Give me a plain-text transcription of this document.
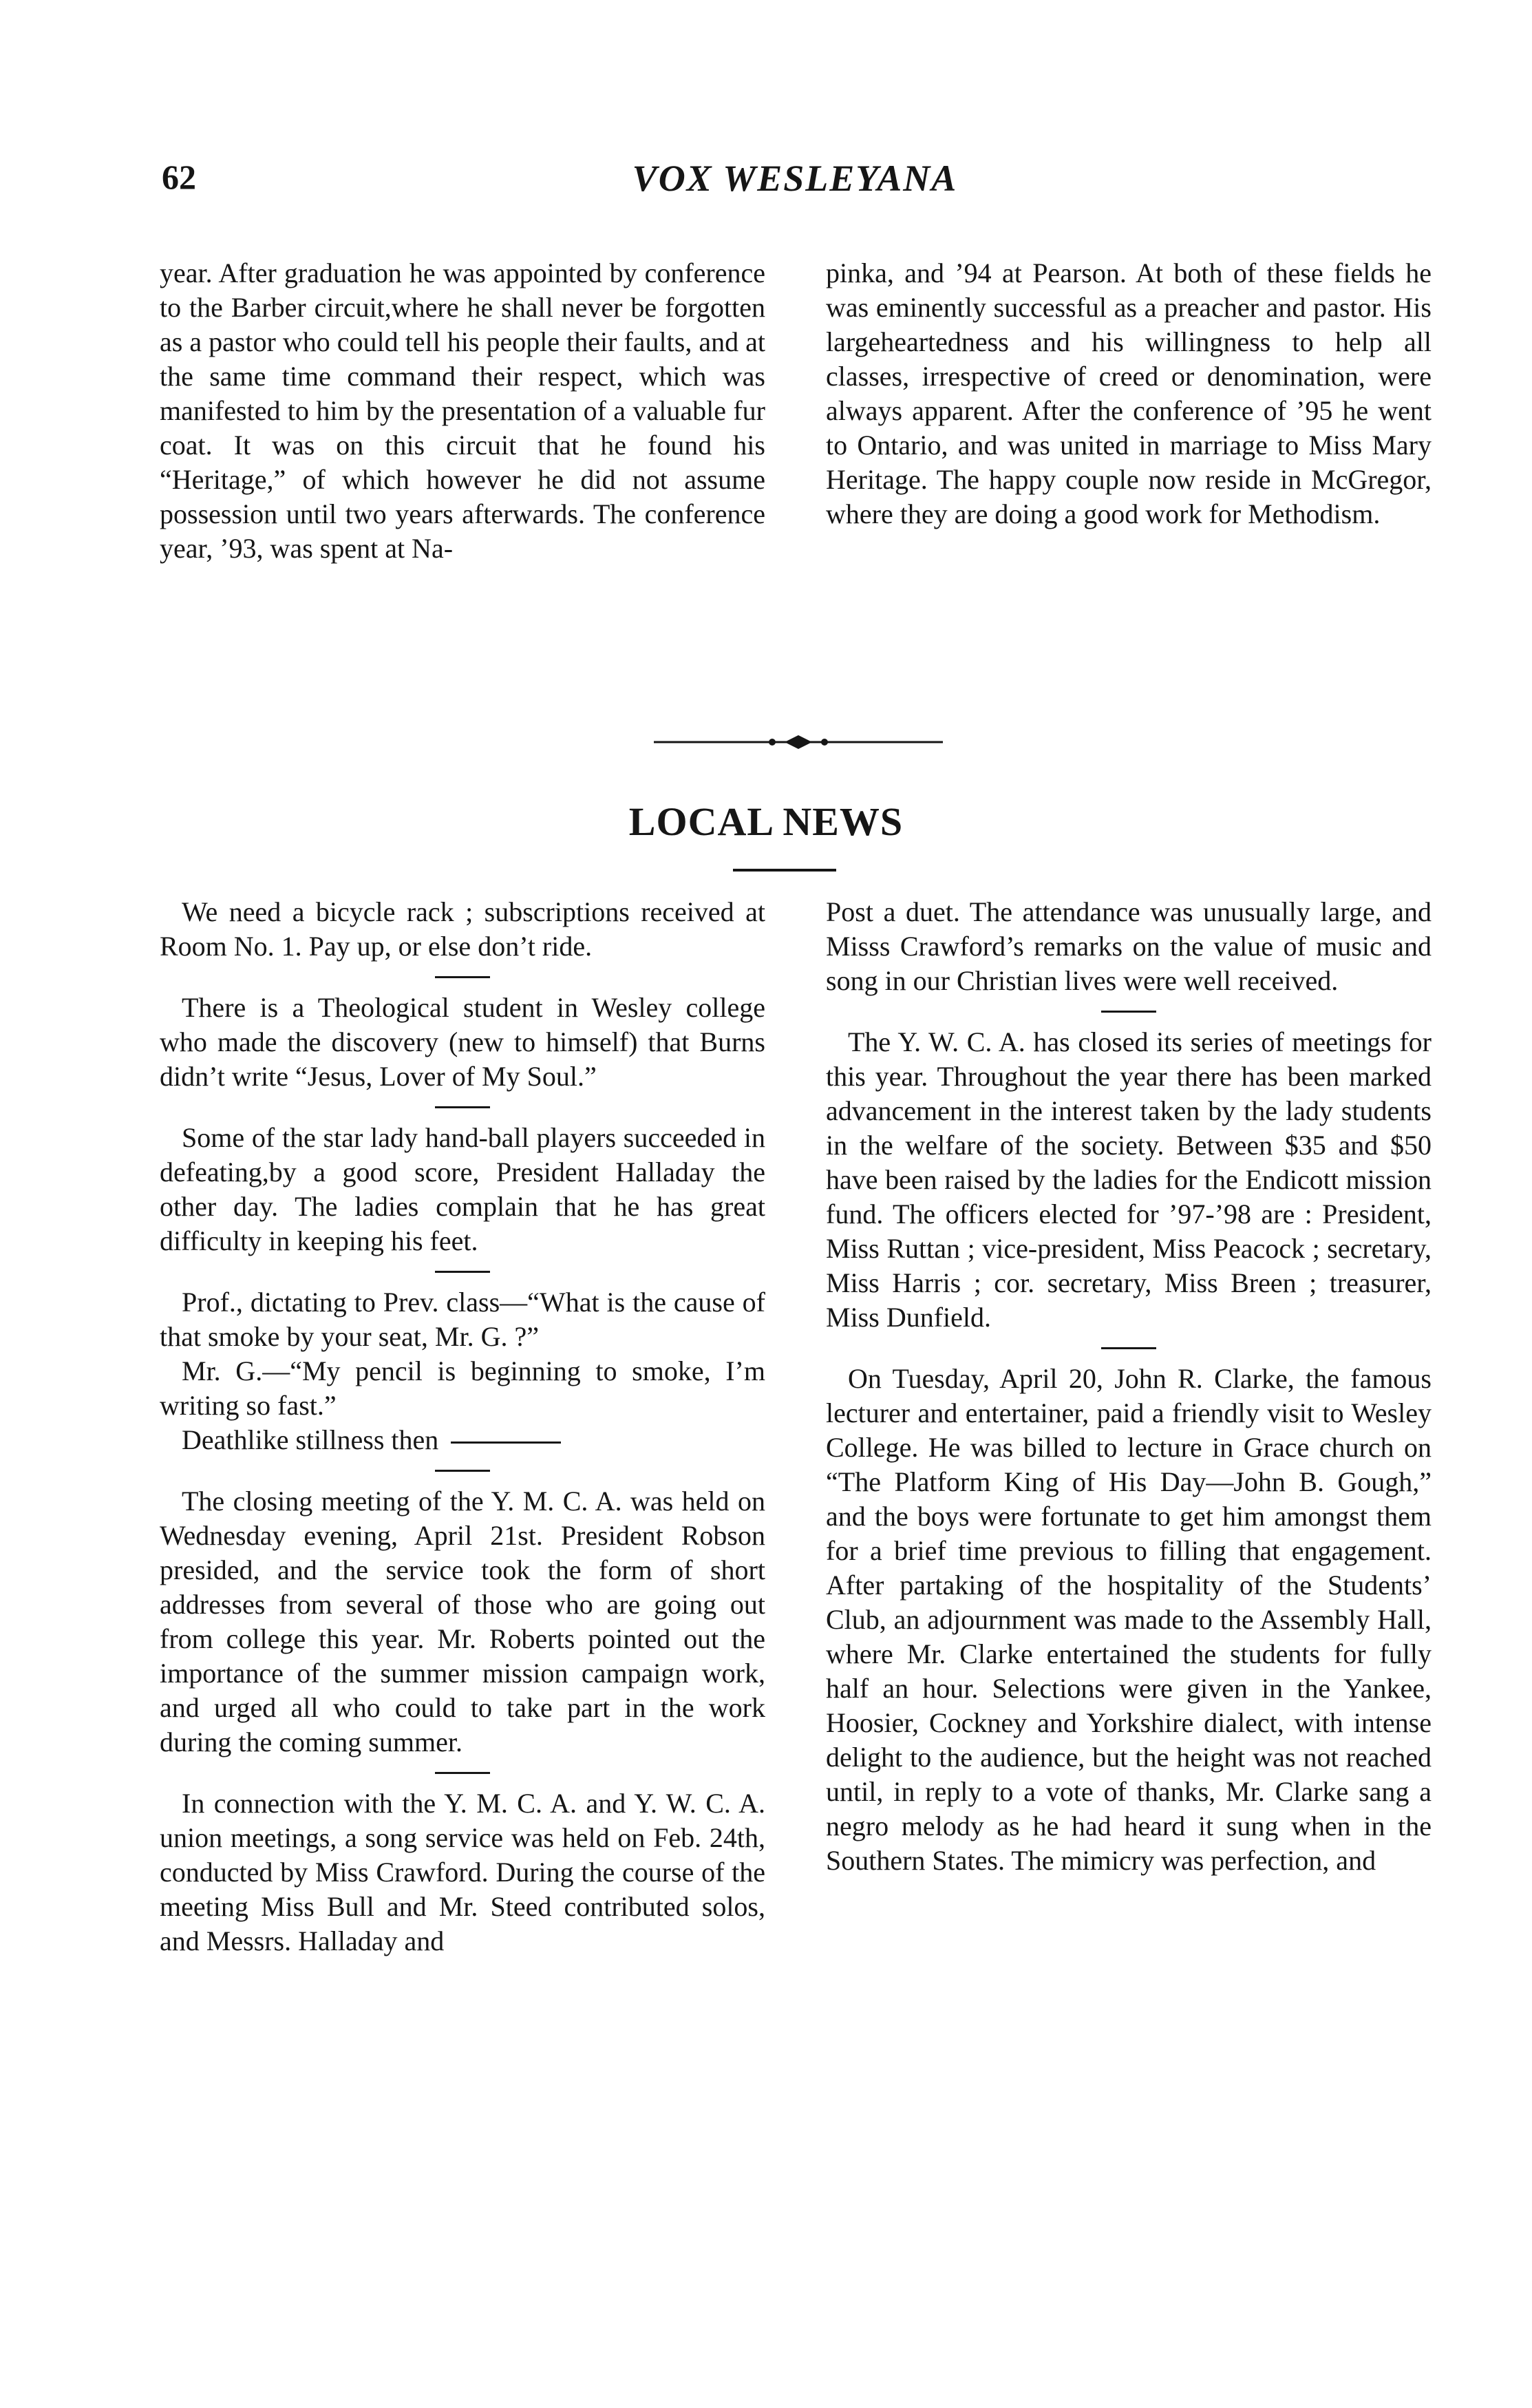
62	VOX WESLEYANA

year. After graduation he was appointed by conference to the Barber circuit,where he shall never be forgotten as a pastor who could tell his people their faults, and at the same time command their respect, which was manifested to him by the presentation of a valuable fur coat. It was on this circuit that he found his “Heritage,” of which however he did not assume possession until two years afterwards. The conference year, ’93, was spent at Na-

pinka, and ’94 at Pearson. At both of these fields he was eminently successful as a preacher and pastor. His largeheartedness and his willingness to help all classes, irrespective of creed or denomination, were always apparent. After the conference of ’95 he went to Ontario, and was united in marriage to Miss Mary Heritage. The happy couple now reside in McGregor, where they are doing a good work for Methodism.

LOCAL NEWS

We need a bicycle rack ; subscriptions received at Room No. 1. Pay up, or else don’t ride.

There is a Theological student in Wesley college who made the discovery (new to himself) that Burns didn’t write “Jesus, Lover of My Soul.”

Some of the star lady hand-ball players succeeded in defeating,by a good score, President Halladay the other day. The ladies complain that he has great difficulty in keeping his feet.

Prof., dictating to Prev. class—“What is the cause of that smoke by your seat, Mr. G. ?”

Mr. G.—“My pencil is beginning to smoke, I’m writing so fast.”

Deathlike stillness then

The closing meeting of the Y. M. C. A. was held on Wednesday evening, April 21st. President Robson presided, and the service took the form of short addresses from several of those who are going out from college this year. Mr. Roberts pointed out the importance of the summer mission campaign work, and urged all who could to take part in the work during the coming summer.

In connection with the Y. M. C. A. and Y. W. C. A. union meetings, a song service was held on Feb. 24th, conducted by Miss Crawford. During the course of the meeting Miss Bull and Mr. Steed contributed solos, and Messrs. Halladay and

Post a duet. The attendance was unusually large, and Misss Crawford’s remarks on the value of music and song in our Christian lives were well received.

The Y. W. C. A. has closed its series of meetings for this year. Throughout the year there has been marked advancement in the interest taken by the lady students in the welfare of the society. Between $35 and $50 have been raised by the ladies for the Endicott mission fund. The officers elected for ’97-’98 are : President, Miss Ruttan ; vice-president, Miss Peacock ; secretary, Miss Harris ; cor. secretary, Miss Breen ; treasurer, Miss Dunfield.

On Tuesday, April 20, John R. Clarke, the famous lecturer and entertainer, paid a friendly visit to Wesley College. He was billed to lecture in Grace church on “The Platform King of His Day—John B. Gough,” and the boys were fortunate to get him amongst them for a brief time previous to filling that engagement. After partaking of the hospitality of the Students’ Club, an adjournment was made to the Assembly Hall, where Mr. Clarke entertained the students for fully half an hour. Selections were given in the Yankee, Hoosier, Cockney and Yorkshire dialect, with intense delight to the audience, but the height was not reached until, in reply to a vote of thanks, Mr. Clarke sang a negro melody as he had heard it sung when in the Southern States. The mimicry was perfection, and
